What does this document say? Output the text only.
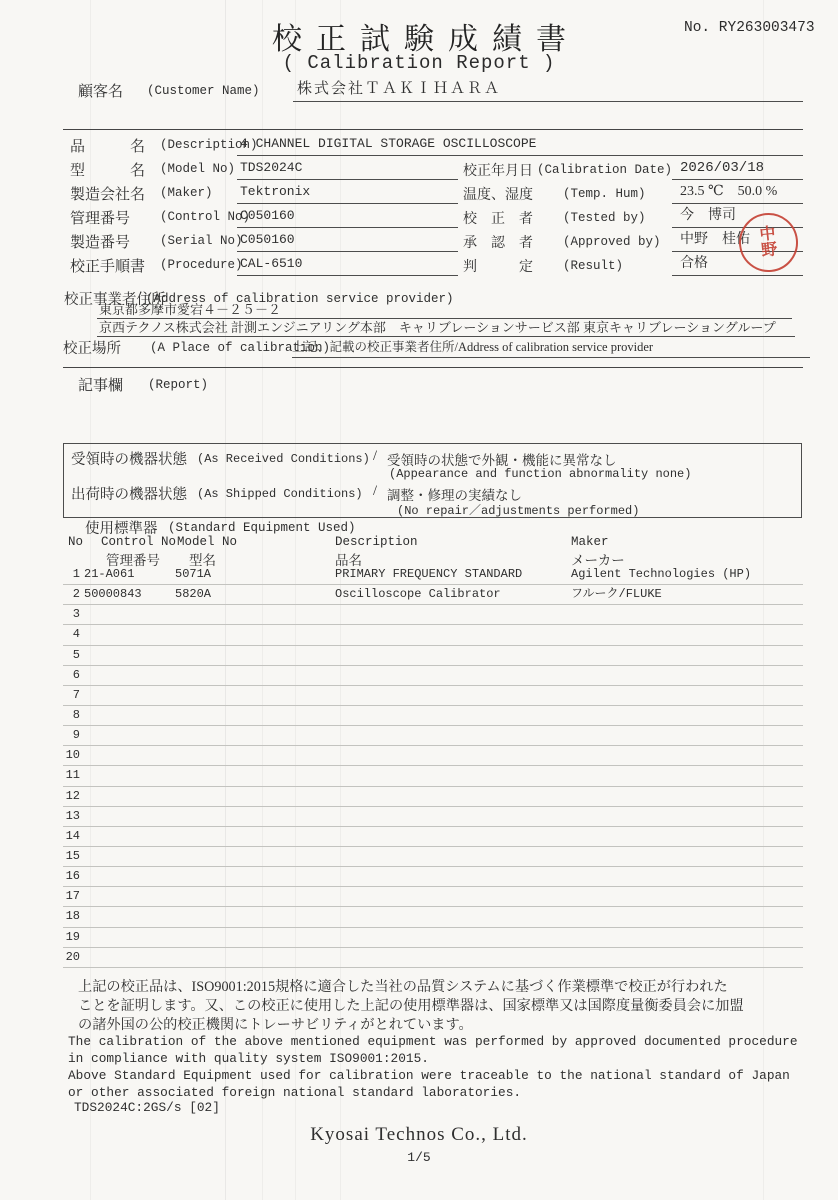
校正試験成績書
( Calibration Report )
No. RY263003473
顧客名 (Customer Name) 株式会社ＴＡＫＩＨＡＲＡ
品　　　名 (Description)
4 CHANNEL DIGITAL STORAGE OSCILLOSCOPE
型　　　名 (Model No) TDS2024C
製造会社名 (Maker) Tektronix
管理番号 (Control No)
C050160
製造番号 (Serial No)
C050160
校正手順書 (Procedure)
CAL-6510
校正年月日 (Calibration Date) 2026/03/18
温度、湿度 (Temp. Hum)	23.5 ℃　50.0 %
校　正　者 (Tested by)	今　博司
承　認　者 (Approved by)	中野　桂佑
判　　　定 (Result)	合格
中
野
校正事業者住所
(Address of calibration service provider)
東京都多摩市愛宕４－２５－２
京西テクノス株式会社 計測エンジニアリング本部　キャリブレーションサービス部 東京キャリブレーショングループ
校正場所 (A Place of calibration)
上記、記載の校正事業者住所/Address of calibration service provider
記事欄 (Report)
受領時の機器状態 (As Received Conditions) / 受領時の状態で外観・機能に異常なし
(Appearance and function abnormality none)
出荷時の機器状態 (As Shipped Conditions) / 調整・修理の実績なし
(No repair／adjustments performed)
使用標準器 (Standard Equipment Used)
No Control No Model No	Description	Maker
管理番号 型名	品名	メーカー
1 21-A061	5071A	PRIMARY FREQUENCY STANDARD	Agilent Technologies (HP)
2 50000843	5820A	Oscilloscope Calibrator	フルーク/FLUKE
3
4
5
6
7
8
9
10
11
12
13
14
15
16
17
18
19
20
上記の校正品は、ISO9001:2015規格に適合した当社の品質システムに基づく作業標準で校正が行われた
ことを証明します。又、この校正に使用した上記の使用標準器は、国家標準又は国際度量衡委員会に加盟
の諸外国の公的校正機関にトレーサビリティがとれています。
The calibration of the above mentioned equipment was performed by approved documented procedure
in compliance with quality system ISO9001:2015.
Above Standard Equipment used for calibration were traceable to the national standard of Japan
or other associated foreign national standard laboratories.
TDS2024C:2GS/s [02]
Kyosai Technos Co., Ltd.
1/5
